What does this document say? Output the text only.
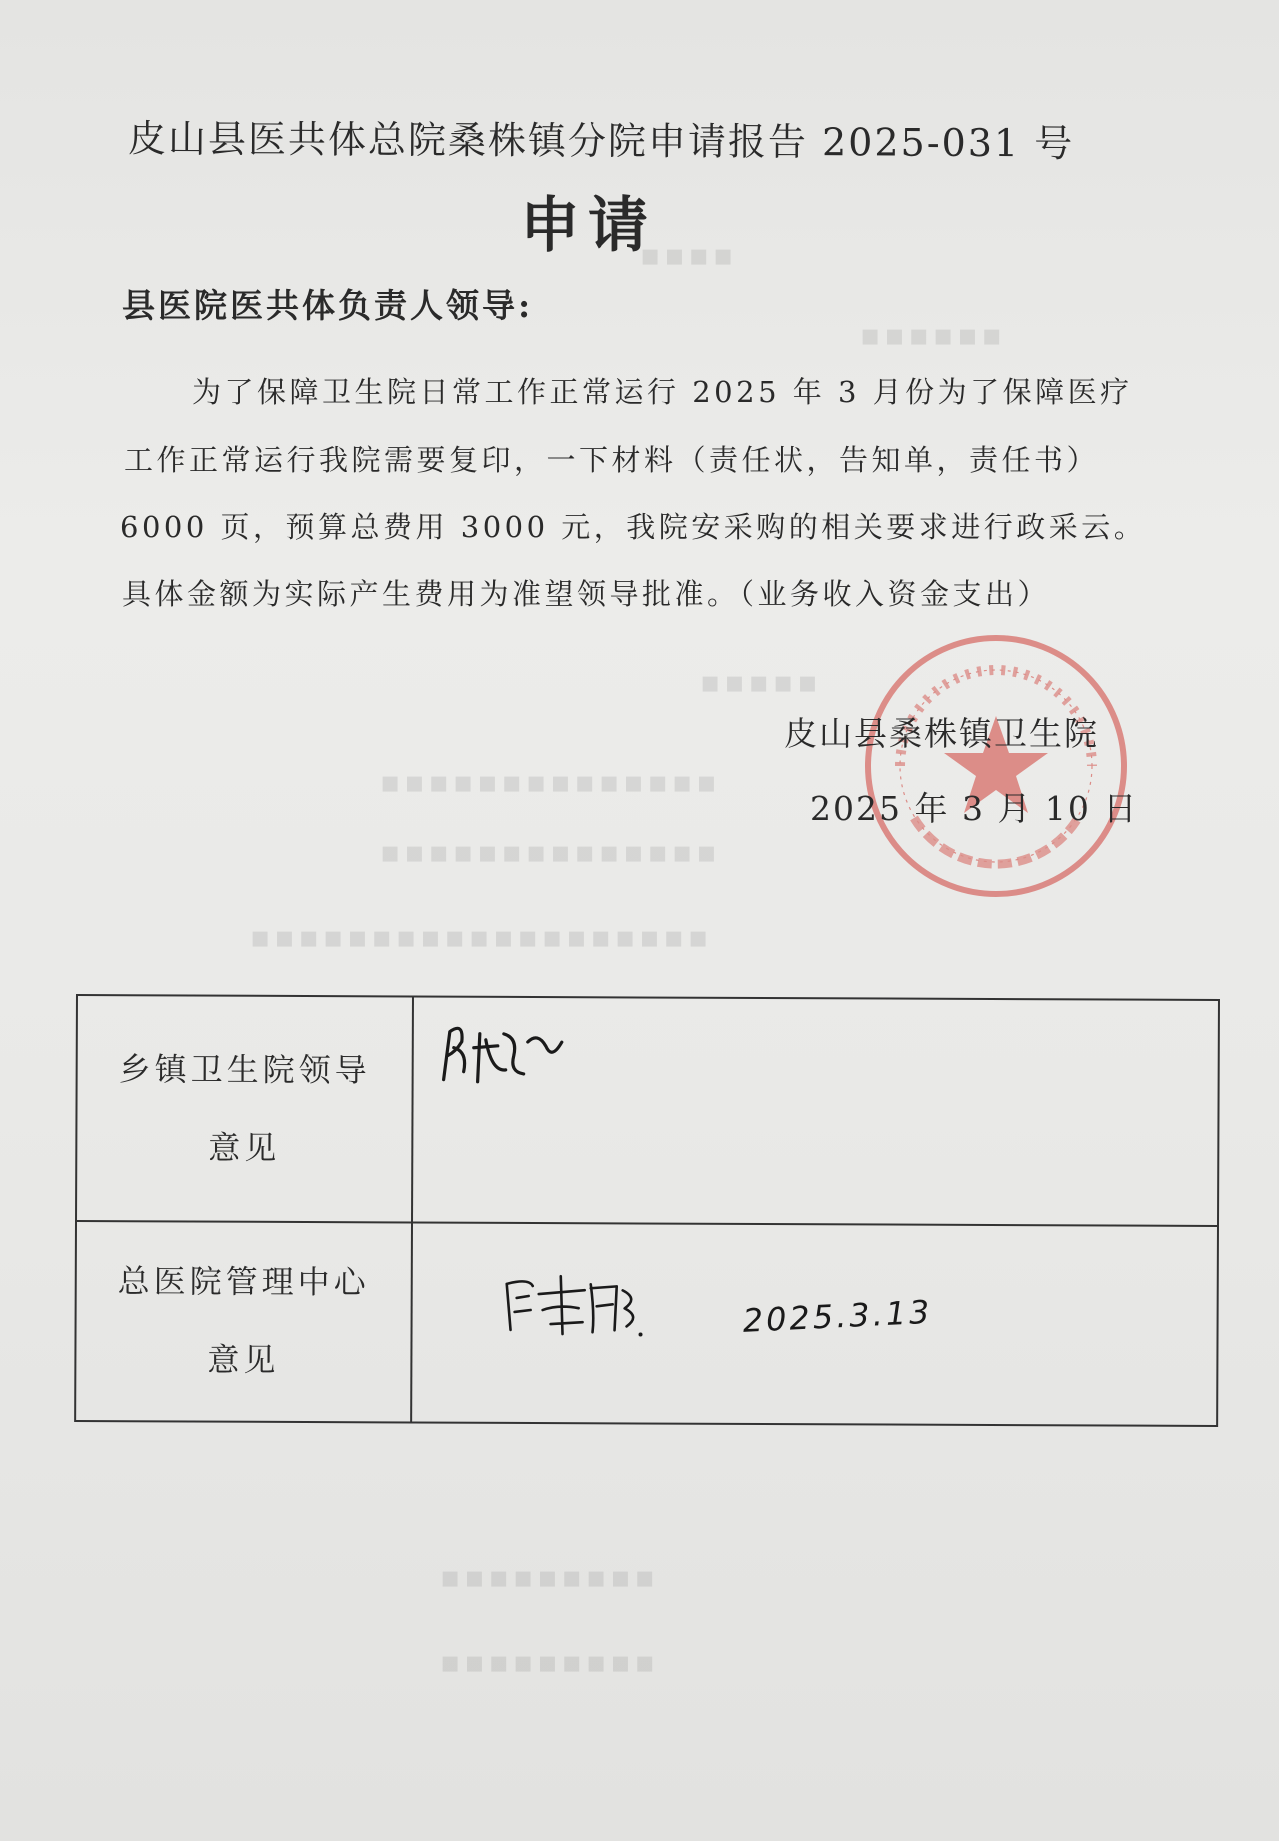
▪▪▪▪
▪▪▪▪▪▪
▪▪▪▪▪
▪▪▪▪▪▪▪▪▪▪▪▪▪▪
▪▪▪▪▪▪▪▪▪▪▪▪▪▪
▪▪▪▪▪▪▪▪▪▪▪▪▪▪▪▪▪▪▪
▪▪▪▪▪▪▪▪▪
▪▪▪▪▪▪▪▪▪
皮山县医共体总院桑株镇分院申请报告 2025-031 号
申请
县医院医共体负责人领导:
为了保障卫生院日常工作正常运行 2025 年 3 月份为了保障医疗
工作正常运行我院需要复印，一下材料（责任状，告知单，责任书）
6000 页，预算总费用 3000 元，我院安采购的相关要求进行政采云。
具体金额为实际产生费用为准望领导批准。（业务收入资金支出）
皮山县桑株镇卫生院
2025 年 3 月 10 日
乡镇卫生院领导
意见
总医院管理中心
意见
2025.3.13
